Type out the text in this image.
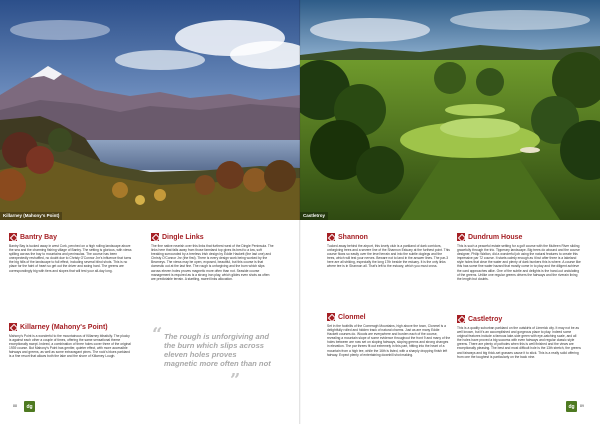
Killarney (Mahony's Point)
Bantry Bay
Bantry Bay is tucked away in west Cork, perched on a high rolling landscape above the sea and the charming fishing village of Bantry. The setting is glorious, with views spilling across the bay to mountains and peninsulas. The course has been unexpectedly reshuffled, no doubt due to Christy O'Connor Jnr's influence that turns the big hills of the landscape to full effect, including several blind shots. This is no place for the faint of heart so get out the driver and swing hard. The greens are correspondingly big with tiers and slopes that will test your all-day long.
Killarney (Mahony's Point)
Mahony's Point is a wonderful to the mountainous of Killarney blissfully. The plucky is against each other a couple of times, offering the same sensational theme exceptionally swept. Indeed, a combination of three holes cover three of the original 1939 course. But Mahony's Point has gentler, quieter effect, with more accessible fairways and greens, as well as some extravagant pines. The rock's blues parkland is a fine resort that allows both the lake and the shore of Killarney Lough.
Dingle Links
The fine native nearish over this links that furthest west of the Dingle Peninsula. The links here that falls away from those farmland top gives its best to a low, soft breaking surrounded by a treeless Irish design by Eddie Hackett (the last one) and Christy O'Connor Jnr (the first). There is every design work being worked by the Bearneys. The views may be open, exposed, beautiful, but this course is that domestic out at the last fine. The rough is unforgiving and the burn which slips across eleven holes proves magnetic more often than not. Seaside course management is required as is a strong iron play, which glides even shots as often are predictable terrain. A startling, sweet links allocation.
“ The rough is unforgiving and the burn which slips across eleven holes proves magnetic more often than not
”
88	dg
Castletroy
Shannon
Tucked away behind the airport, this lovely club is a parkland of dark corridors, unforgiving trees and a severe line of the Shannon Estuary at the furthest point. This course flows so easily over the level terrain and into the subtle doglegs and the trees, which will test your nerves. Beware not to land in the answer lines. The par-3 here are all striking, especially the long 17th beside the estuary. It is the only links where tee is in Shannon all. That's left to the estuary, which you must cross.
Clonmel
Set in the foothills of the Comeragh Mountains, high above the town, Clonmel is a delightfully rolled and hidden track of natural charms. Just as are many Eddie Hackett courses do. Woods are everywhere and burden each of the course, revealing a mountain slope of some evidence throughout the front 9 and many of the holes between are now set on sloping fairways, sloping greens and strong changes in elevation. The par threes fit out extremely in this part, hitting into the heart of a mountain from a high tee, while the 16th is listed, with a sharply dropping finish left fairway. Expect plenty of entertaining downhill shot making.
Dundrum House
This is such a peaceful estate setting for a golf course with the Multeen River sliding gracefully through the trio. Tipperary landscape. Big trees do abound and the course designer, Philip Walton, did a wonderful job using the natural features to create this impressive par 72 course. It starts calmly enough as it but after three is a lakeland style holes that clear the water and plenty of dark bunkers this is where. A course like this has some fine water hazard that mostly come in to play and the diligent achieve the card approaches alike. One of the subtle and delights is the hand-cut undulating of the greens. Unlike one regular greens drivers the fairways and the riverain lining the length but doubts.
Castletroy
This is a quality suburban parkland on the outskirts of Limerick city. It may not be as well known, but it's an accomplished and gorgeous place to play. Indeed some original features include a famous lake-side green with eye-catching scale, and all the holes have proved a big success with even fairways and regular classic style greens. There are plenty of potholes when this is well finished and the views are exceptionally pleasing. The best and most difficult hole is the 13th stretch, the greens and fairways and big thick-set grasses cause it to stick. This is a really solid offering from one the toughest is particularly on the back nine.
dg	89
